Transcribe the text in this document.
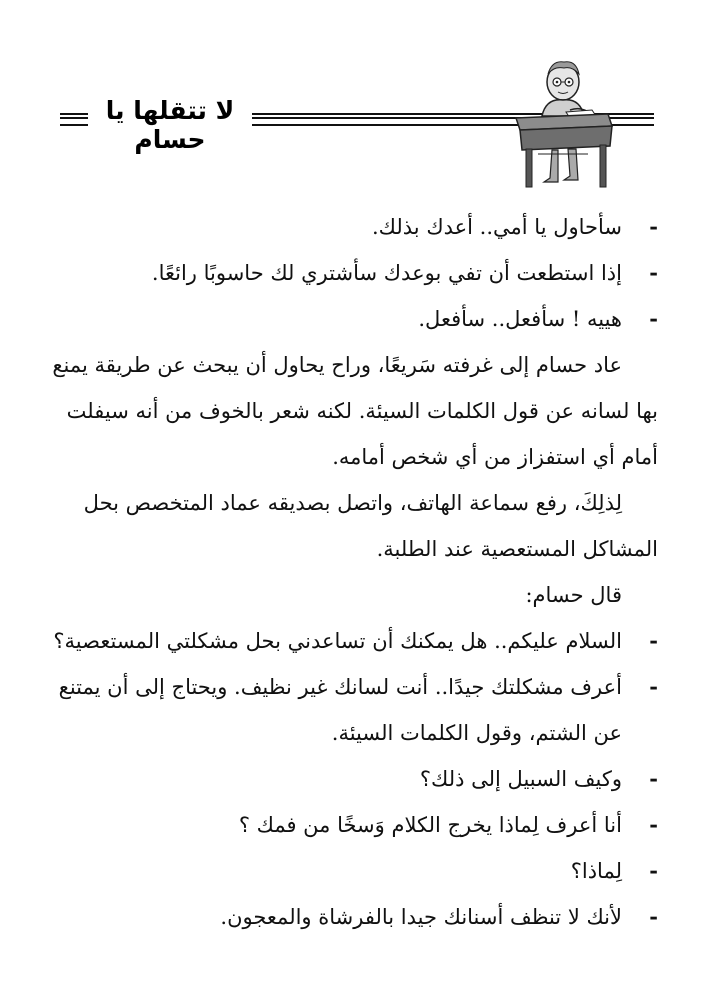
لا تتقلها يا حسام
-سأحاول يا أمي.. أعدك بذلك.
-إذا استطعت أن تفي بوعدك سأشتري لك حاسوبًا رائعًا.
-هييه ! سأفعل.. سأفعل.
عاد حسام إلى غرفته سَريعًا، وراح يحاول أن يبحث عن طريقة يمنع
بها لسانه عن قول الكلمات السيئة. لكنه شعر بالخوف من أنه سيفلت
أمام أي استفزاز من أي شخص أمامه.
لِذلِكَ، رفع سماعة الهاتف، واتصل بصديقه عماد المتخصص بحل
المشاكل المستعصية عند الطلبة.
قال حسام:
-السلام عليكم.. هل يمكنك أن تساعدني بحل مشكلتي المستعصية؟
-أعرف مشكلتك جيدًا.. أنت لسانك غير نظيف. ويحتاج إلى أن يمتنع
عن الشتم، وقول الكلمات السيئة.
-وكيف السبيل إلى ذلك؟
-أنا أعرف لِماذا يخرج الكلام وَسخًا من فمك ؟
-لِماذا؟
-لأنك لا تنظف أسنانك جيدا بالفرشاة والمعجون.
